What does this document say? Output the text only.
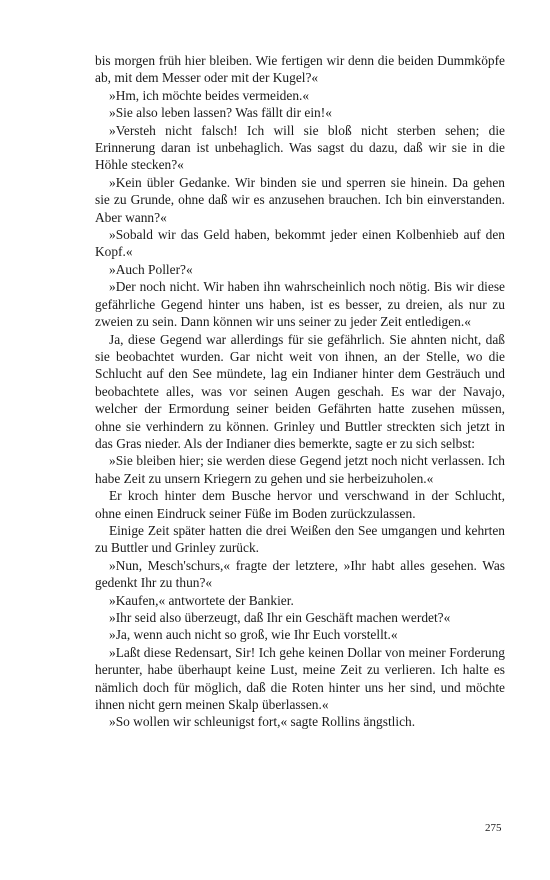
bis morgen früh hier bleiben. Wie fertigen wir denn die beiden Dummköpfe ab, mit dem Messer oder mit der Kugel?«

»Hm, ich möchte beides vermeiden.«

»Sie also leben lassen? Was fällt dir ein!«

»Versteh nicht falsch! Ich will sie bloß nicht sterben sehen; die Erinnerung daran ist unbehaglich. Was sagst du dazu, daß wir sie in die Höhle stecken?«

»Kein übler Gedanke. Wir binden sie und sperren sie hinein. Da gehen sie zu Grunde, ohne daß wir es anzusehen brauchen. Ich bin einverstanden. Aber wann?«

»Sobald wir das Geld haben, bekommt jeder einen Kolbenhieb auf den Kopf.«

»Auch Poller?«

»Der noch nicht. Wir haben ihn wahrscheinlich noch nötig. Bis wir diese gefährliche Gegend hinter uns haben, ist es besser, zu dreien, als nur zu zweien zu sein. Dann können wir uns seiner zu jeder Zeit entledigen.«

Ja, diese Gegend war allerdings für sie gefährlich. Sie ahnten nicht, daß sie beobachtet wurden. Gar nicht weit von ihnen, an der Stelle, wo die Schlucht auf den See mündete, lag ein Indianer hinter dem Gesträuch und beobachtete alles, was vor seinen Augen geschah. Es war der Navajo, welcher der Ermordung seiner beiden Gefährten hatte zusehen müssen, ohne sie verhindern zu können. Grinley und Buttler streckten sich jetzt in das Gras nieder. Als der Indianer dies bemerkte, sagte er zu sich selbst:

»Sie bleiben hier; sie werden diese Gegend jetzt noch nicht verlassen. Ich habe Zeit zu unsern Kriegern zu gehen und sie herbeizuholen.«

Er kroch hinter dem Busche hervor und verschwand in der Schlucht, ohne einen Eindruck seiner Füße im Boden zurückzulassen.

Einige Zeit später hatten die drei Weißen den See umgangen und kehrten zu Buttler und Grinley zurück.

»Nun, Mesch'schurs,« fragte der letztere, »Ihr habt alles gesehen. Was gedenkt Ihr zu thun?«

»Kaufen,« antwortete der Bankier.

»Ihr seid also überzeugt, daß Ihr ein Geschäft machen werdet?«

»Ja, wenn auch nicht so groß, wie Ihr Euch vorstellt.«

»Laßt diese Redensart, Sir! Ich gehe keinen Dollar von meiner Forderung herunter, habe überhaupt keine Lust, meine Zeit zu verlieren. Ich halte es nämlich doch für möglich, daß die Roten hinter uns her sind, und möchte ihnen nicht gern meinen Skalp überlassen.«

»So wollen wir schleunigst fort,« sagte Rollins ängstlich.

275
